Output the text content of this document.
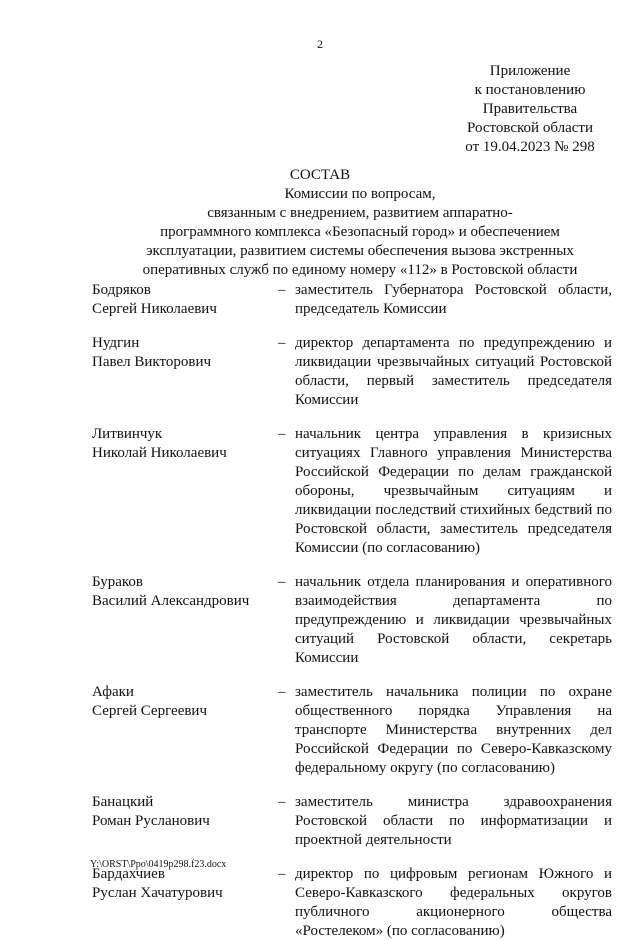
2
Приложение
к постановлению
Правительства
Ростовской области
от 19.04.2023 № 298
СОСТАВ
Комиссии по вопросам,
связанным с внедрением, развитием аппаратно-
программного комплекса «Безопасный город» и обеспечением
эксплуатации, развитием системы обеспечения вызова экстренных
оперативных служб по единому номеру «112» в Ростовской области
Бодряков
Сергей Николаевич
– заместитель Губернатора Ростовской области, председатель Комиссии
Нудгин
Павел Викторович
– директор департамента по предупреждению и ликвидации чрезвычайных ситуаций Ростовской области, первый заместитель председателя Комиссии
Литвинчук
Николай Николаевич
– начальник центра управления в кризисных ситуациях Главного управления Министерства Российской Федерации по делам гражданской обороны, чрезвычайным ситуациям и ликвидации последствий стихийных бедствий по Ростовской области, заместитель председателя Комиссии (по согласованию)
Бураков
Василий Александрович
– начальник отдела планирования и оперативного взаимодействия департамента по предупреждению и ликвидации чрезвычайных ситуаций Ростовской области, секретарь Комиссии
Афаки
Сергей Сергеевич
– заместитель начальника полиции по охране общественного порядка Управления на транспорте Министерства внутренних дел Российской Федерации по Северо-Кавказскому федеральному округу (по согласованию)
Банацкий
Роман Русланович
– заместитель министра здравоохранения Ростовской области по информатизации и проектной деятельности
Бардахчиев
Руслан Хачатурович
– директор по цифровым регионам Южного и Северо-Кавказского федеральных округов публичного акционерного общества «Ростелеком» (по согласованию)
Y:\ORST\Ppo\0419p298.f23.docx
